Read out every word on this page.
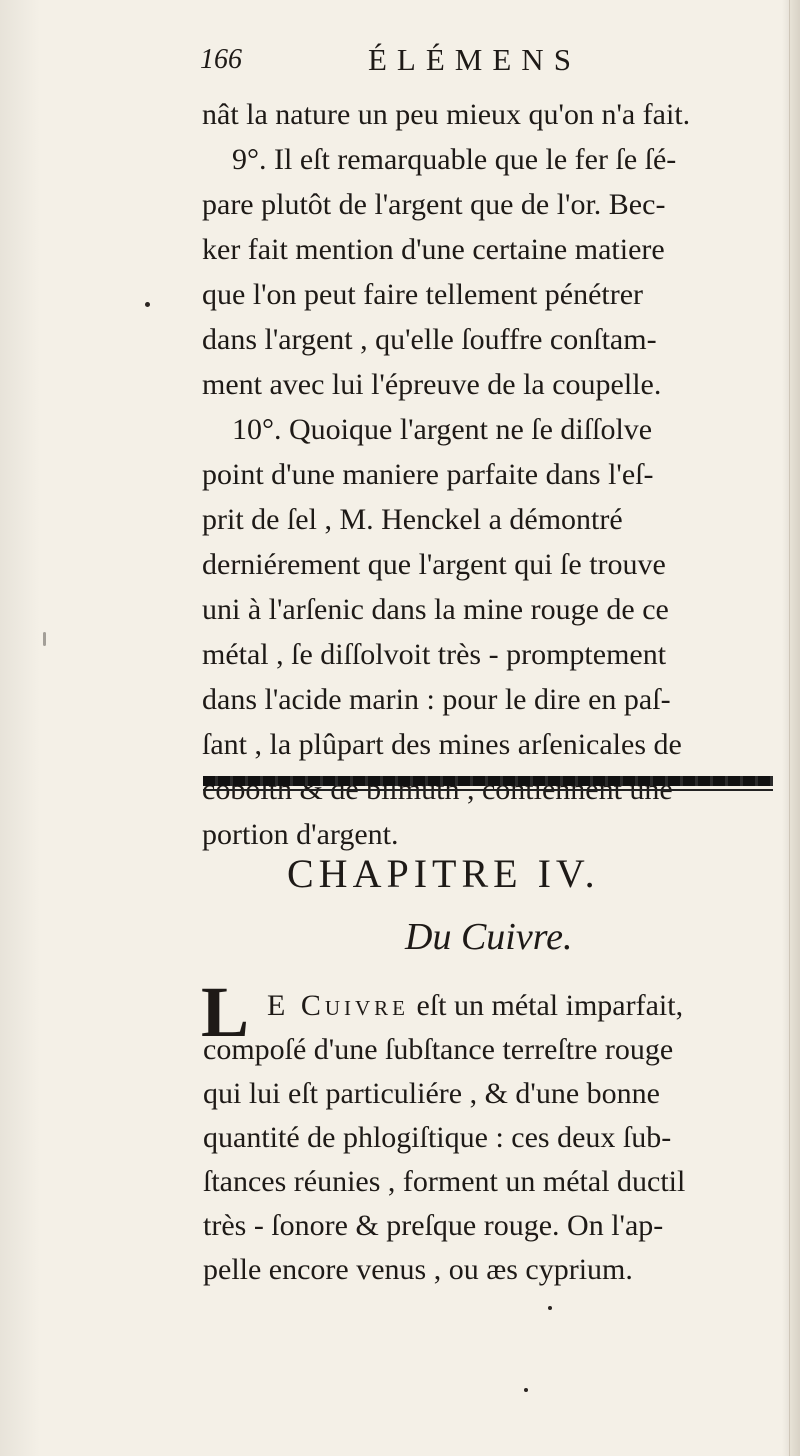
166	ÉLÉMENS
nât la nature un peu mieux qu'on n'a fait.
9°. Il eſt remarquable que le fer ſe ſé-
pare plutôt de l'argent que de l'or. Bec-
ker fait mention d'une certaine matiere
que l'on peut faire tellement pénétrer
dans l'argent , qu'elle ſouffre conſtam-
ment avec lui l'épreuve de la coupelle.
10°. Quoique l'argent ne ſe diſſolve
point d'une maniere parfaite dans l'eſ-
prit de ſel , M. Henckel a démontré
derniérement que l'argent qui ſe trouve
uni à l'arſenic dans la mine rouge de ce
métal , ſe diſſolvoit très - promptement
dans l'acide marin : pour le dire en paſ-
ſant , la plûpart des mines arſenicales de
portion d'argent.
CHAPITRE IV.
Du Cuivre.
L E Cuivre eſt un métal imparfait,
compoſé d'une ſubſtance terreſtre rouge
qui lui eſt particuliére , & d'une bonne
quantité de phlogiſtique : ces deux ſub-
ſtances réunies , forment un métal ductil
très - ſonore & preſque rouge. On l'ap-
pelle encore venus , ou æs cyprium.
